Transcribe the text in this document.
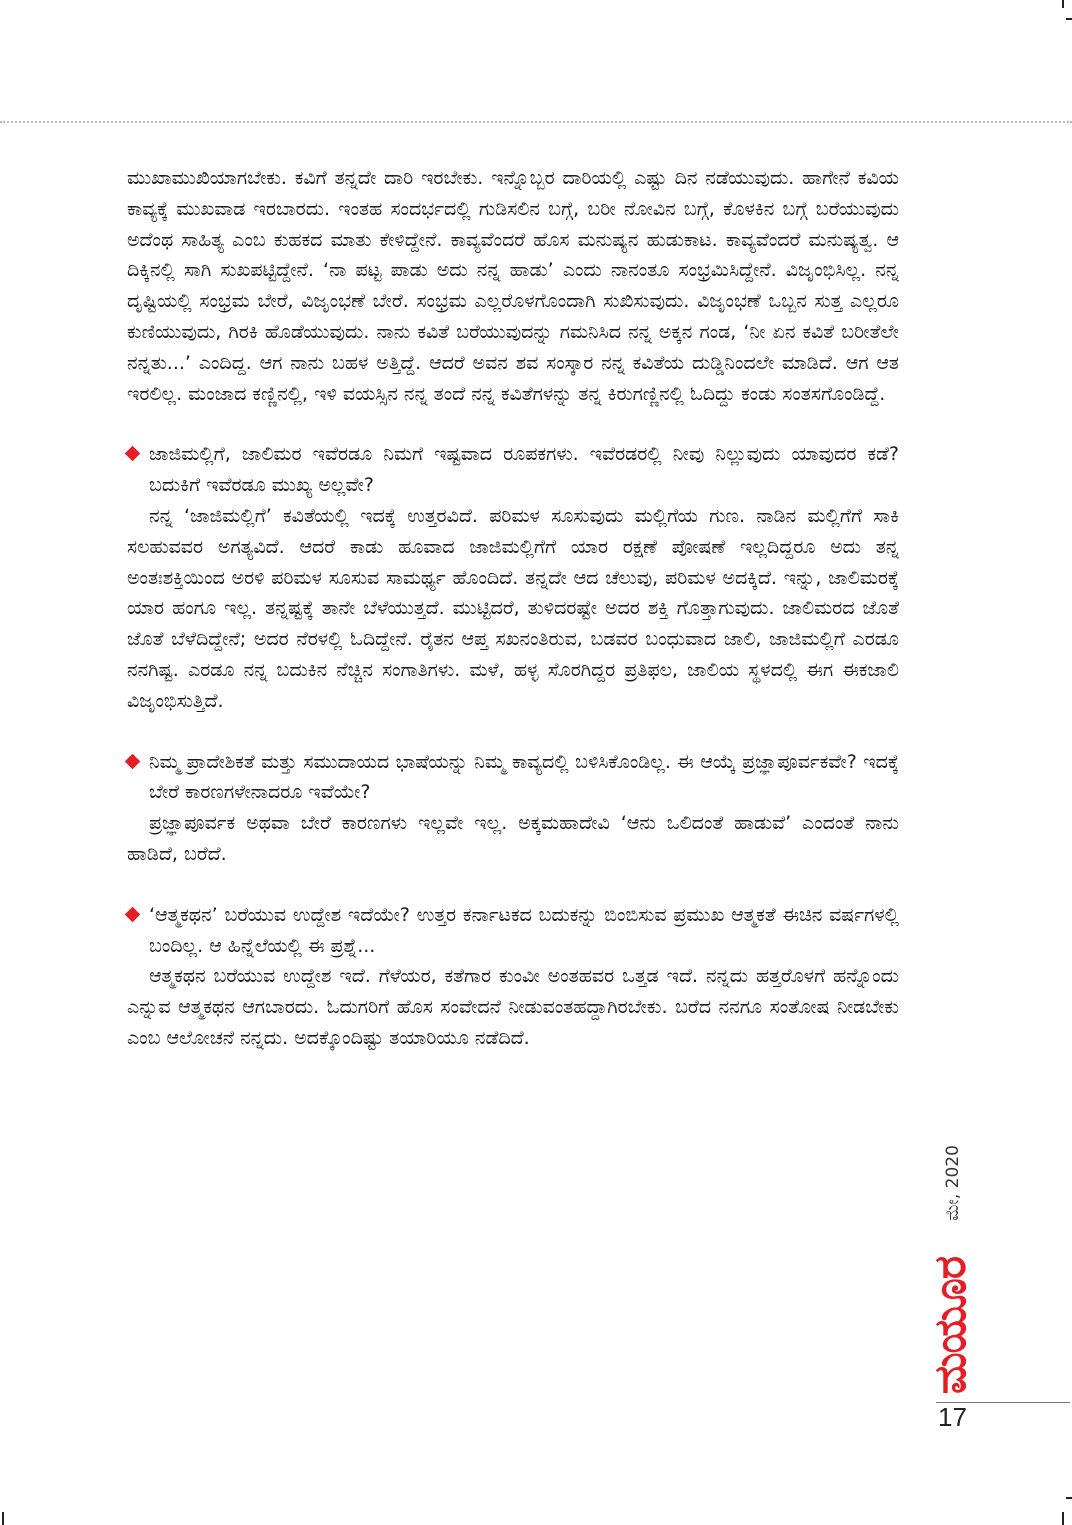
ಮುಖಾಮುಖಿಯಾಗಬೇಕು. ಕವಿಗೆ ತನ್ನದೇ ದಾರಿ ಇರಬೇಕು. ಇನ್ನೊಬ್ಬರ ದಾರಿಯಲ್ಲಿ ಎಷ್ಟು ದಿನ ನಡೆಯುವುದು. ಹಾಗೇನೆ ಕವಿಯ ಕಾವ್ಯಕ್ಕೆ ಮುಖವಾಡ ಇರಬಾರದು. ಇಂತಹ ಸಂದರ್ಭದಲ್ಲಿ ಗುಡಿಸಲಿನ ಬಗ್ಗೆ, ಬರೀ ನೋವಿನ ಬಗ್ಗೆ, ಕೊಳಕಿನ ಬಗ್ಗೆ ಬರೆಯುವುದು ಅದೆಂಥ ಸಾಹಿತ್ಯ ಎಂಬ ಕುಹಕದ ಮಾತು ಕೇಳಿದ್ದೇನೆ. ಕಾವ್ಯವೆಂದರೆ ಹೊಸ ಮನುಷ್ಯನ ಹುಡುಕಾಟ. ಕಾವ್ಯವೆಂದರೆ ಮನುಷ್ಯತ್ವ. ಆ ದಿಕ್ಕಿನಲ್ಲಿ ಸಾಗಿ ಸುಖಪಟ್ಟಿದ್ದೇನೆ. ‘ನಾ ಪಟ್ಟ ಪಾಡು ಅದು ನನ್ನ ಹಾಡು’ ಎಂದು ನಾನಂತೂ ಸಂಭ್ರಮಿಸಿದ್ದೇನೆ. ವಿಜೃಂಭಿಸಿಲ್ಲ. ನನ್ನ ದೃಷ್ಟಿಯಲ್ಲಿ ಸಂಭ್ರಮ ಬೇರೆ, ವಿಜೃಂಭಣೆ ಬೇರೆ. ಸಂಭ್ರಮ ಎಲ್ಲರೊಳಗೊಂದಾಗಿ ಸುಖಿಸುವುದು. ವಿಜೃಂಭಣೆ ಒಬ್ಬನ ಸುತ್ತ ಎಲ್ಲರೂ ಕುಣಿಯುವುದು, ಗಿರಕಿ ಹೊಡೆಯುವುದು. ನಾನು ಕವಿತೆ ಬರೆಯುವುದನ್ನು ಗಮನಿಸಿದ ನನ್ನ ಅಕ್ಕನ ಗಂಡ, ‘ನೀ ಏನ ಕವಿತೆ ಬರೀತೆಲೇ ನನ್ನತು...’ ಎಂದಿದ್ದ. ಆಗ ನಾನು ಬಹಳ ಅತ್ತಿದ್ದೆ. ಆದರೆ ಅವನ ಶವ ಸಂಸ್ಕಾರ ನನ್ನ ಕವಿತೆಯ ದುಡ್ಡಿನಿಂದಲೇ ಮಾಡಿದೆ. ಆಗ ಆತ ಇರಲಿಲ್ಲ. ಮಂಜಾದ ಕಣ್ಣಿನಲ್ಲಿ, ಇಳಿ ವಯಸ್ಸಿನ ನನ್ನ ತಂದೆ ನನ್ನ ಕವಿತೆಗಳನ್ನು ತನ್ನ ಕಿರುಗಣ್ಣಿನಲ್ಲಿ ಓದಿದ್ದು ಕಂಡು ಸಂತಸಗೊಂಡಿದ್ದೆ.

ಜಾಜಿಮಲ್ಲಿಗೆ, ಜಾಲಿಮರ ಇವೆರಡೂ ನಿಮಗೆ ಇಷ್ಟವಾದ ರೂಪಕಗಳು. ಇವೆರಡರಲ್ಲಿ ನೀವು ನಿಲ್ಲುವುದು ಯಾವುದರ ಕಡೆ? ಬದುಕಿಗೆ ಇವೆರಡೂ ಮುಖ್ಯ ಅಲ್ಲವೇ?

ನನ್ನ ‘ಜಾಜಿಮಲ್ಲಿಗೆ’ ಕವಿತೆಯಲ್ಲಿ ಇದಕ್ಕೆ ಉತ್ತರವಿದೆ. ಪರಿಮಳ ಸೂಸುವುದು ಮಲ್ಲಿಗೆಯ ಗುಣ. ನಾಡಿನ ಮಲ್ಲಿಗೆಗೆ ಸಾಕಿ ಸಲಹುವವರ ಅಗತ್ಯವಿದೆ. ಆದರೆ ಕಾಡು ಹೂವಾದ ಜಾಜಿಮಲ್ಲಿಗೆಗೆ ಯಾರ ರಕ್ಷಣೆ ಪೋಷಣೆ ಇಲ್ಲದಿದ್ದರೂ ಅದು ತನ್ನ ಅಂತಃಶಕ್ತಿಯಿಂದ ಅರಳಿ ಪರಿಮಳ ಸೂಸುವ ಸಾಮರ್ಥ್ಯ ಹೊಂದಿದೆ. ತನ್ನದೇ ಆದ ಚೆಲುವು, ಪರಿಮಳ ಅದಕ್ಕಿದೆ. ಇನ್ನು, ಜಾಲಿಮರಕ್ಕೆ ಯಾರ ಹಂಗೂ ಇಲ್ಲ. ತನ್ನಷ್ಟಕ್ಕೆ ತಾನೇ ಬೆಳೆಯುತ್ತದೆ. ಮುಟ್ಟಿದರೆ, ತುಳಿದರಷ್ಟೇ ಅದರ ಶಕ್ತಿ ಗೊತ್ತಾಗುವುದು. ಜಾಲಿಮರದ ಜೊತೆ ಜೊತೆ ಬೆಳೆದಿದ್ದೇನೆ; ಅದರ ನೆರಳಲ್ಲಿ ಓದಿದ್ದೇನೆ. ರೈತನ ಆಪ್ತ ಸಖನಂತಿರುವ, ಬಡವರ ಬಂಧುವಾದ ಜಾಲಿ, ಜಾಜಿಮಲ್ಲಿಗೆ ಎರಡೂ ನನಗಿಷ್ಟ. ಎರಡೂ ನನ್ನ ಬದುಕಿನ ನೆಚ್ಚಿನ ಸಂಗಾತಿಗಳು. ಮಳೆ, ಹಳ್ಳ ಸೊರಗಿದ್ದರ ಪ್ರತಿಫಲ, ಜಾಲಿಯ ಸ್ಥಳದಲ್ಲಿ ಈಗ ಈಕಜಾಲಿ ವಿಜೃಂಭಿಸುತ್ತಿದೆ.

ನಿಮ್ಮ ಪ್ರಾದೇಶಿಕತೆ ಮತ್ತು ಸಮುದಾಯದ ಭಾಷೆಯನ್ನು ನಿಮ್ಮ ಕಾವ್ಯದಲ್ಲಿ ಬಳಿಸಿಕೊಂಡಿಲ್ಲ. ಈ ಆಯ್ಕೆ ಪ್ರಜ್ಞಾಪೂರ್ವಕವೇ? ಇದಕ್ಕೆ ಬೇರೆ ಕಾರಣಗಳೇನಾದರೂ ಇವೆಯೇ?

ಪ್ರಜ್ಞಾಪೂರ್ವಕ ಅಥವಾ ಬೇರೆ ಕಾರಣಗಳು ಇಲ್ಲವೇ ಇಲ್ಲ. ಅಕ್ಕಮಹಾದೇವಿ ‘ಆನು ಒಲಿದಂತೆ ಹಾಡುವೆ’ ಎಂದಂತೆ ನಾನು ಹಾಡಿದೆ, ಬರೆದೆ.

‘ಆತ್ಮಕಥನ’ ಬರೆಯುವ ಉದ್ದೇಶ ಇದೆಯೇ? ಉತ್ತರ ಕರ್ನಾಟಕದ ಬದುಕನ್ನು ಬಿಂಬಿಸುವ ಪ್ರಮುಖ ಆತ್ಮಕತೆ ಈಚಿನ ವರ್ಷಗಳಲ್ಲಿ ಬಂದಿಲ್ಲ. ಆ ಹಿನ್ನೆಲೆಯಲ್ಲಿ ಈ ಪ್ರಶ್ನೆ...

ಆತ್ಮಕಥನ ಬರೆಯುವ ಉದ್ದೇಶ ಇದೆ. ಗೆಳೆಯರ, ಕತೆಗಾರ ಕುಂವೀ ಅಂತಹವರ ಒತ್ತಡ ಇದೆ. ನನ್ನದು ಹತ್ತರೊಳಗೆ ಹನ್ನೊಂದು ಎನ್ನುವ ಆತ್ಮಕಥನ ಆಗಬಾರದು. ಓದುಗರಿಗೆ ಹೊಸ ಸಂವೇದನೆ ನೀಡುವಂತಹದ್ದಾಗಿರಬೇಕು. ಬರೆದ ನನಗೂ ಸಂತೋಷ ನೀಡಬೇಕು ಎಂಬ ಆಲೋಚನೆ ನನ್ನದು. ಅದಕ್ಕೊಂದಿಷ್ಟು ತಯಾರಿಯೂ ನಡೆದಿದೆ.

ಮೇ, 2020
ಮಯೂರ
17
